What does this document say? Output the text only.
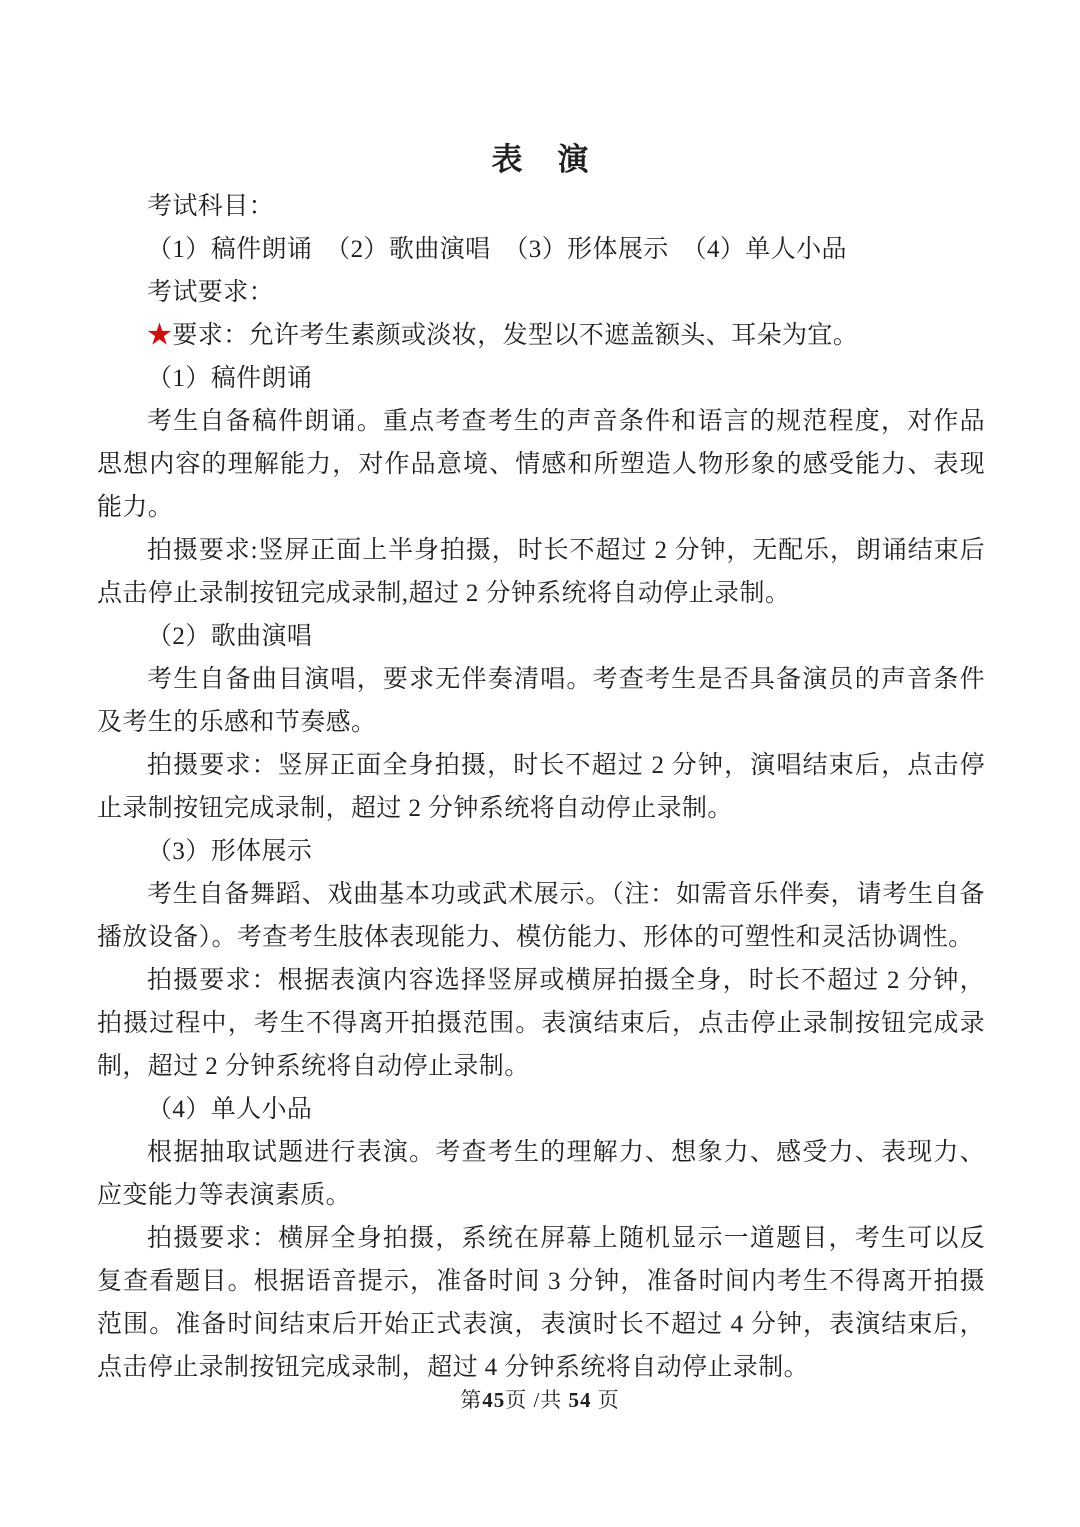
表　演

考试科目：

（1）稿件朗诵　（2）歌曲演唱　（3）形体展示　（4）单人小品

考试要求：

★要求：允许考生素颜或淡妆，发型以不遮盖额头、耳朵为宜。

（1）稿件朗诵

考生自备稿件朗诵。重点考查考生的声音条件和语言的规范程度，对作品思想内容的理解能力，对作品意境、情感和所塑造人物形象的感受能力、表现能力。

拍摄要求:竖屏正面上半身拍摄，时长不超过 2 分钟，无配乐，朗诵结束后点击停止录制按钮完成录制,超过 2 分钟系统将自动停止录制。

（2）歌曲演唱

考生自备曲目演唱，要求无伴奏清唱。考查考生是否具备演员的声音条件及考生的乐感和节奏感。

拍摄要求：竖屏正面全身拍摄，时长不超过 2 分钟，演唱结束后，点击停止录制按钮完成录制，超过 2 分钟系统将自动停止录制。

（3）形体展示

考生自备舞蹈、戏曲基本功或武术展示。（注：如需音乐伴奏，请考生自备播放设备）。考查考生肢体表现能力、模仿能力、形体的可塑性和灵活协调性。

拍摄要求：根据表演内容选择竖屏或横屏拍摄全身，时长不超过 2 分钟，拍摄过程中，考生不得离开拍摄范围。表演结束后，点击停止录制按钮完成录制，超过 2 分钟系统将自动停止录制。

（4）单人小品

根据抽取试题进行表演。考查考生的理解力、想象力、感受力、表现力、应变能力等表演素质。

拍摄要求：横屏全身拍摄，系统在屏幕上随机显示一道题目，考生可以反复查看题目。根据语音提示，准备时间 3 分钟，准备时间内考生不得离开拍摄范围。准备时间结束后开始正式表演，表演时长不超过 4 分钟，表演结束后，点击停止录制按钮完成录制，超过 4 分钟系统将自动停止录制。

第45页 /共 54 页
